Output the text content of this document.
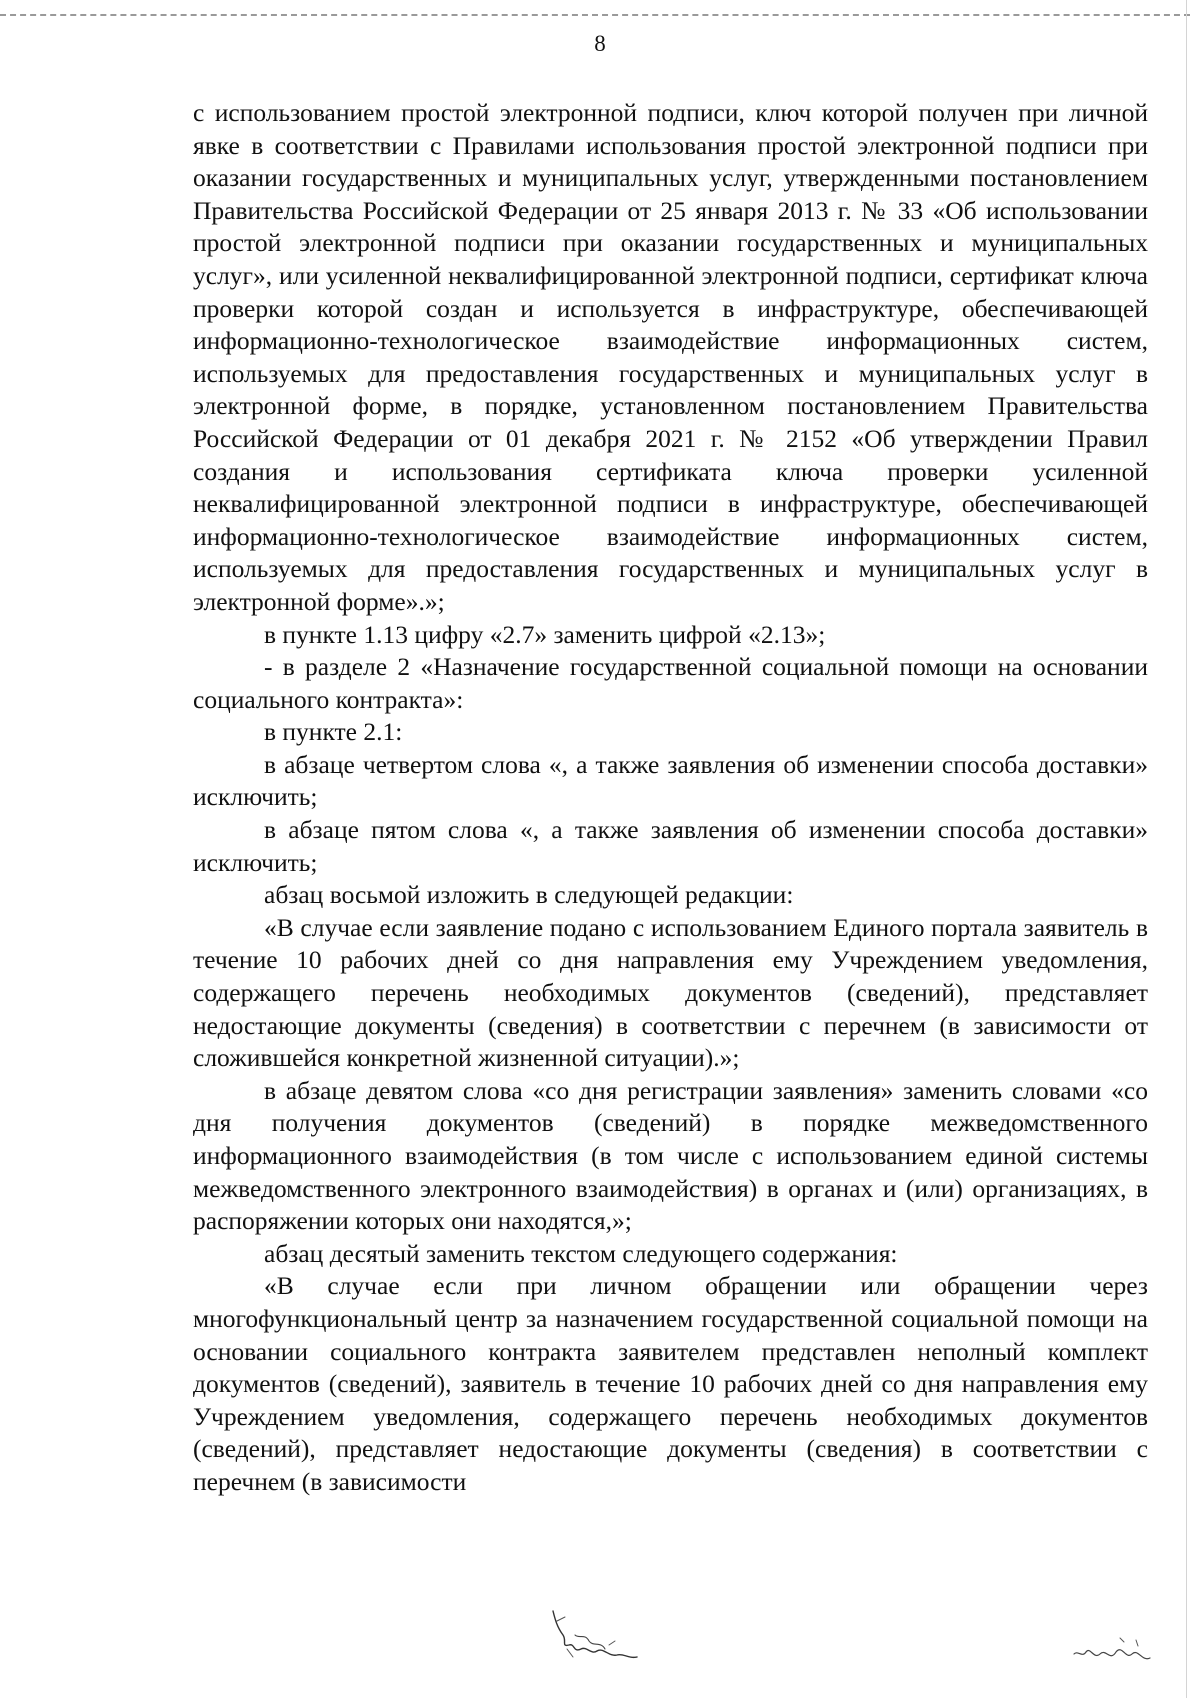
8

с использованием простой электронной подписи, ключ которой получен при личной явке в соответствии с Правилами использования простой электронной подписи при оказании государственных и муниципальных услуг, утвержденными постановлением Правительства Российской Федерации от 25 января 2013 г. № 33 «Об использовании простой электронной подписи при оказании государственных и муниципальных услуг», или усиленной неквалифицированной электронной подписи, сертификат ключа проверки которой создан и используется в инфраструктуре, обеспечивающей информационно-технологическое взаимодействие информационных систем, используемых для предоставления государственных и муниципальных услуг в электронной форме, в порядке, установленном постановлением Правительства Российской Федерации от 01 декабря 2021 г. № 2152 «Об утверждении Правил создания и использования сертификата ключа проверки усиленной неквалифицированной электронной подписи в инфраструктуре, обеспечивающей информационно-технологическое взаимодействие информационных систем, используемых для предоставления государственных и муниципальных услуг в электронной форме».»;

в пункте 1.13 цифру «2.7» заменить цифрой «2.13»;

- в разделе 2 «Назначение государственной социальной помощи на основании социального контракта»:

в пункте 2.1:

в абзаце четвертом слова «, а также заявления об изменении способа доставки» исключить;

в абзаце пятом слова «, а также заявления об изменении способа доставки» исключить;

абзац восьмой изложить в следующей редакции:

«В случае если заявление подано с использованием Единого портала заявитель в течение 10 рабочих дней со дня направления ему Учреждением уведомления, содержащего перечень необходимых документов (сведений), представляет недостающие документы (сведения) в соответствии с перечнем (в зависимости от сложившейся конкретной жизненной ситуации).»;

в абзаце девятом слова «со дня регистрации заявления» заменить словами «со дня получения документов (сведений) в порядке межведомственного информационного взаимодействия (в том числе с использованием единой системы межведомственного электронного взаимодействия) в органах и (или) организациях, в распоряжении которых они находятся,»;

абзац десятый заменить текстом следующего содержания:

«В случае если при личном обращении или обращении через многофункциональный центр за назначением государственной социальной помощи на основании социального контракта заявителем представлен неполный комплект документов (сведений), заявитель в течение 10 рабочих дней со дня направления ему Учреждением уведомления, содержащего перечень необходимых документов (сведений), представляет недостающие документы (сведения) в соответствии с перечнем (в зависимости
